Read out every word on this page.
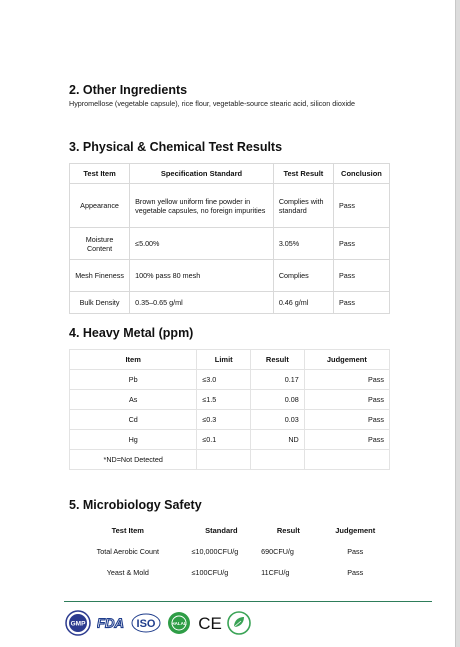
2. Other Ingredients
Hypromellose (vegetable capsule), rice flour, vegetable-source stearic acid, silicon dioxide
3. Physical & Chemical Test Results
Test Item	Specification Standard	Test Result	Conclusion
Appearance	Brown yellow uniform fine powder in vegetable capsules, no foreign impurities	Complies with standard	Pass
Moisture Content	≤5.00%	3.05%	Pass
Mesh Fineness	100% pass 80 mesh	Complies	Pass
Bulk Density	0.35–0.65 g/ml	0.46 g/ml	Pass
4. Heavy Metal (ppm)
Item	Limit	Result	Judgement
Pb	≤3.0	0.17	Pass
As	≤1.5	0.08	Pass
Cd	≤0.3	0.03	Pass
Hg	≤0.1	ND	Pass
*ND=Not Detected			
5. Microbiology Safety
Test Item	Standard	Result	Judgement
Total Aerobic Count	≤10,000CFU/g	690CFU/g	Pass
Yeast & Mold	≤100CFU/g	11CFU/g	Pass
GMP FDA ISO	HALAL CE
